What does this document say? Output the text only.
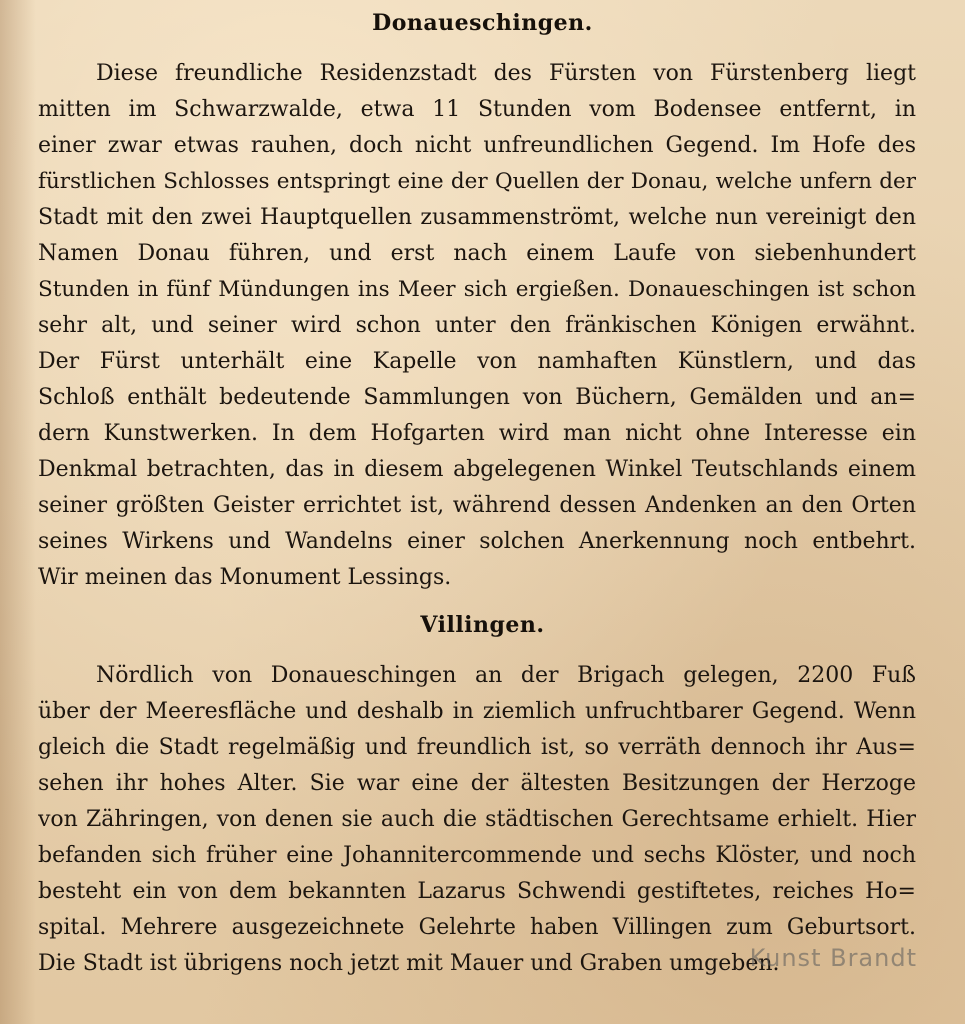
Donaueschingen.
Diese freundliche Residenzstadt des Fürsten von Fürstenberg liegt
mitten im Schwarzwalde, etwa 11 Stunden vom Bodensee entfernt, in
einer zwar etwas rauhen, doch nicht unfreundlichen Gegend. Im Hofe des
fürstlichen Schlosses entspringt eine der Quellen der Donau, welche unfern der
Stadt mit den zwei Hauptquellen zusammenströmt, welche nun vereinigt den
Namen Donau führen, und erst nach einem Laufe von siebenhundert
Stunden in fünf Mündungen ins Meer sich ergießen. Donaueschingen ist schon
sehr alt, und seiner wird schon unter den fränkischen Königen erwähnt.
Der Fürst unterhält eine Kapelle von namhaften Künstlern, und das
Schloß enthält bedeutende Sammlungen von Büchern, Gemälden und an=
dern Kunstwerken. In dem Hofgarten wird man nicht ohne Interesse ein
Denkmal betrachten, das in diesem abgelegenen Winkel Teutschlands einem
seiner größten Geister errichtet ist, während dessen Andenken an den Orten
seines Wirkens und Wandelns einer solchen Anerkennung noch entbehrt.
Wir meinen das Monument Lessings.
Villingen.
Nördlich von Donaueschingen an der Brigach gelegen, 2200 Fuß
über der Meeresfläche und deshalb in ziemlich unfruchtbarer Gegend. Wenn
gleich die Stadt regelmäßig und freundlich ist, so verräth dennoch ihr Aus=
sehen ihr hohes Alter. Sie war eine der ältesten Besitzungen der Herzoge
von Zähringen, von denen sie auch die städtischen Gerechtsame erhielt. Hier
befanden sich früher eine Johannitercommende und sechs Klöster, und noch
besteht ein von dem bekannten Lazarus Schwendi gestiftetes, reiches Ho=
spital. Mehrere ausgezeichnete Gelehrte haben Villingen zum Geburtsort.
Die Stadt ist übrigens noch jetzt mit Mauer und Graben umgeben.
Kunst Brandt
